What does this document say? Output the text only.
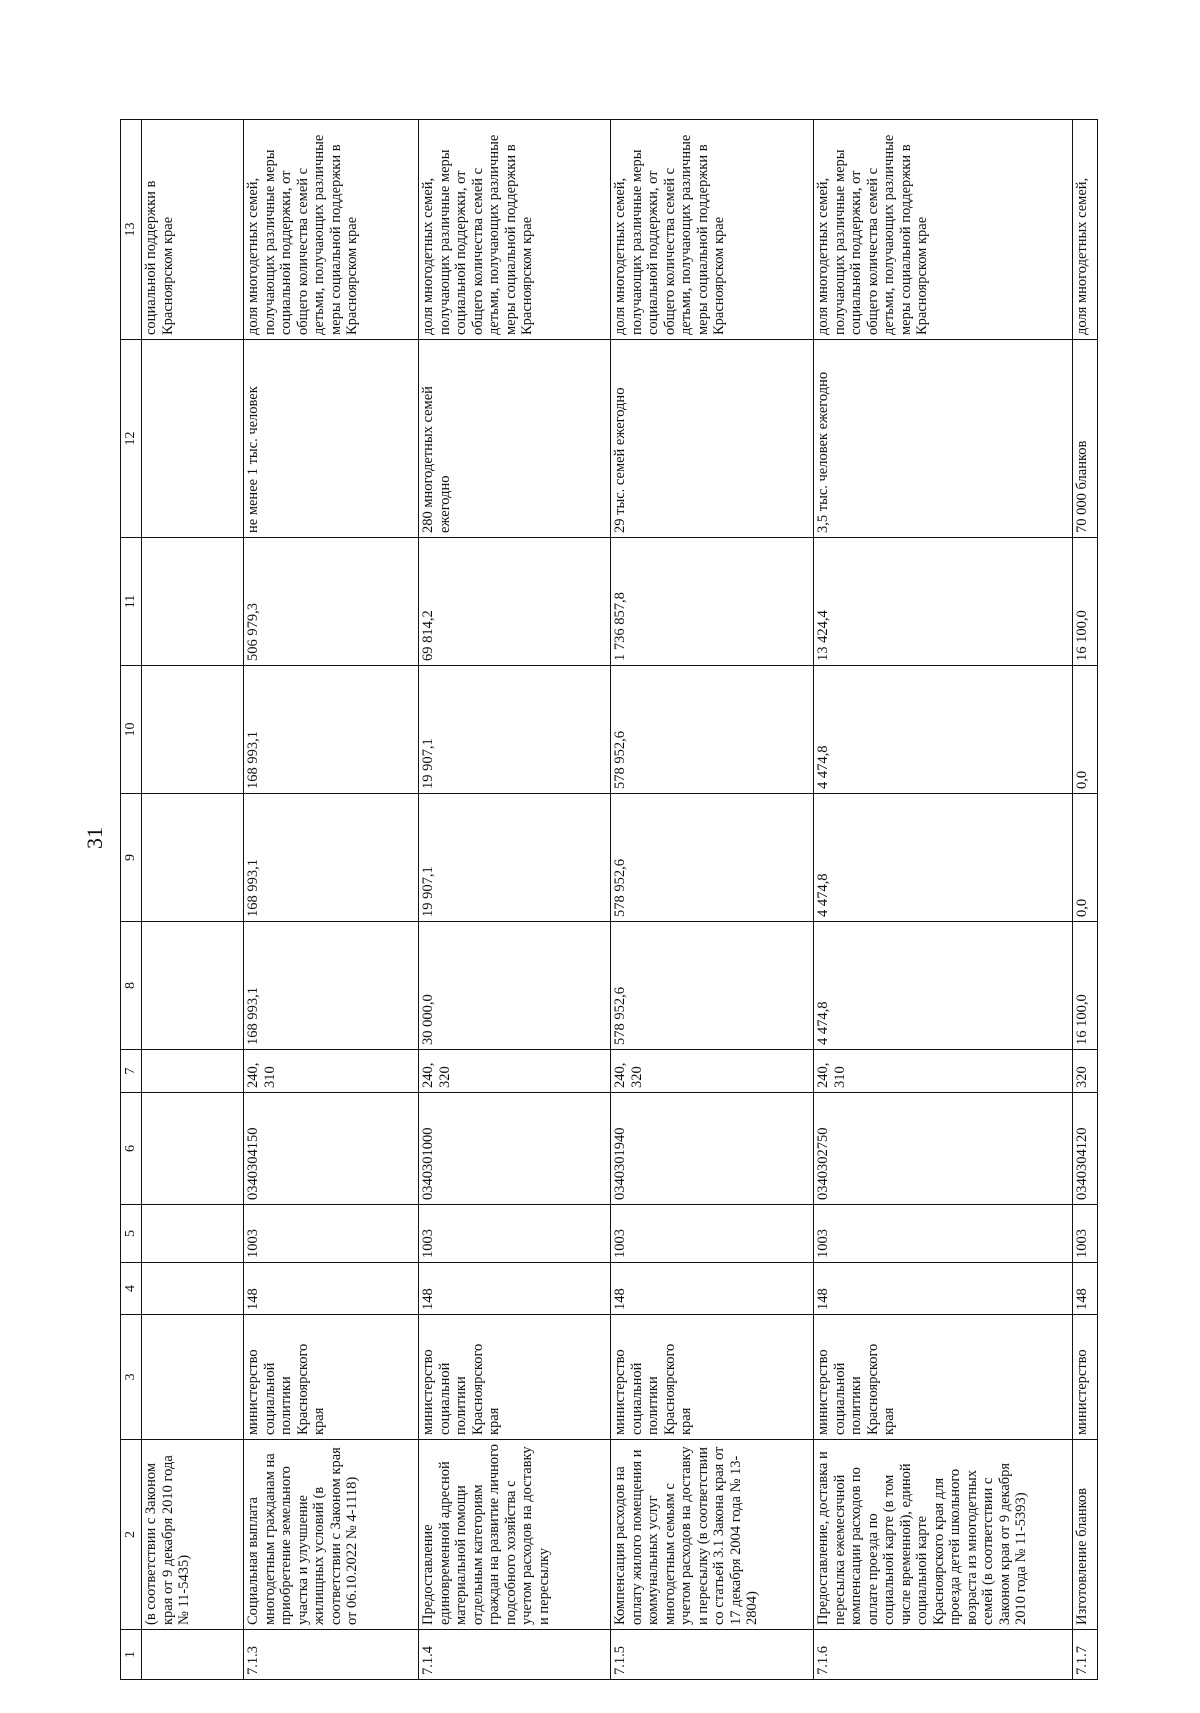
31
1	2	3	4	5	6	7	8	9	10	11	12	13
	(в соответствии с Законом края от 9 декабря 2010 года № 11-5435)											социальной поддержки в Красноярском крае
7.1.3	Социальная выплата многодетным гражданам на приобретение земельного участка и улучшение жилищных условий (в соответствии с Законом края от 06.10.2022 № 4-1118)	министерство социальной политики Красноярского края	148	1003	0340304150	240, 310	168 993,1	168 993,1	168 993,1	506 979,3	не менее 1 тыс. человек	доля многодетных семей, получающих различные меры социальной поддержки, от общего количества семей с детьми, получающих различные меры социальной поддержки в Красноярском крае
7.1.4	Предоставление единовременной адресной материальной помощи отдельным категориям граждан на развитие личного подсобного хозяйства с учетом расходов на доставку и пересылку	министерство социальной политики Красноярского края	148	1003	0340301000	240, 320	30 000,0	19 907,1	19 907,1	69 814,2	280 многодетных семей ежегодно	доля многодетных семей, получающих различные меры социальной поддержки, от общего количества семей с детьми, получающих различные меры социальной поддержки в Красноярском крае
7.1.5	Компенсация расходов на оплату жилого помещения и коммунальных услуг многодетным семьям с учетом расходов на доставку и пересылку (в соответствии со статьей 3.1 Закона края от 17 декабря 2004 года № 13-2804)	министерство социальной политики Красноярского края	148	1003	0340301940	240, 320	578 952,6	578 952,6	578 952,6	1 736 857,8	29 тыс. семей ежегодно	доля многодетных семей, получающих различные меры социальной поддержки, от общего количества семей с детьми, получающих различные меры социальной поддержки в Красноярском крае
7.1.6	Предоставление, доставка и пересылка ежемесячной компенсации расходов по оплате проезда по социальной карте (в том числе временной), единой социальной карте Красноярского края для проезда детей школьного возраста из многодетных семей (в соответствии с Законом края от 9 декабря 2010 года № 11-5393)	министерство социальной политики Красноярского края	148	1003	0340302750	240, 310	4 474,8	4 474,8	4 474,8	13 424,4	3,5 тыс. человек ежегодно	доля многодетных семей, получающих различные меры социальной поддержки, от общего количества семей с детьми, получающих различные меры социальной поддержки в Красноярском крае
7.1.7	Изготовление бланков	министерство	148	1003	0340304120	320	16 100,0	0,0	0,0	16 100,0	70 000 бланков	доля многодетных семей,
